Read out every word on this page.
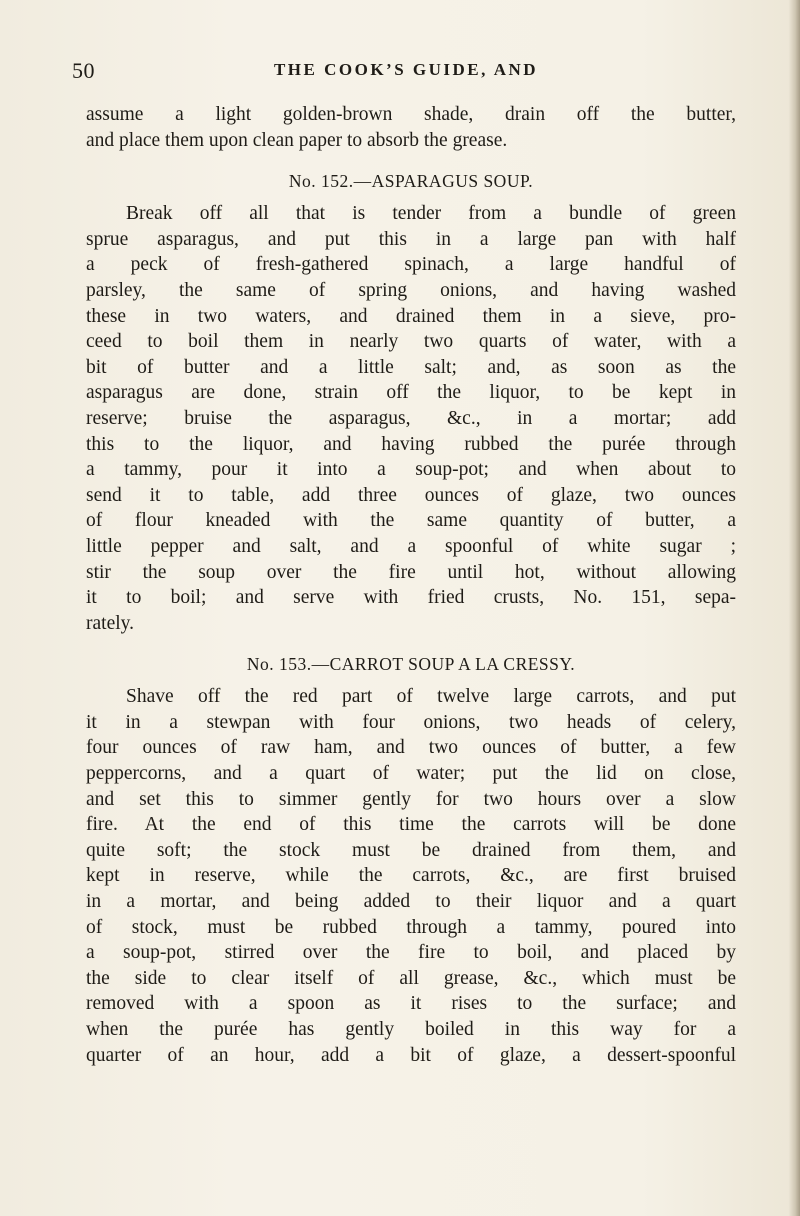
50	THE COOK’S GUIDE, AND
assume a light golden-brown shade, drain off the butter,
and place them upon clean paper to absorb the grease.
No. 152.—ASPARAGUS SOUP.
Break off all that is tender from a bundle of green
sprue asparagus, and put this in a large pan with half
a peck of fresh-gathered spinach, a large handful of
parsley, the same of spring onions, and having washed
these in two waters, and drained them in a sieve, pro-
ceed to boil them in nearly two quarts of water, with a
bit of butter and a little salt; and, as soon as the
asparagus are done, strain off the liquor, to be kept in
reserve; bruise the asparagus, &c., in a mortar; add
this to the liquor, and having rubbed the purée through
a tammy, pour it into a soup-pot; and when about to
send it to table, add three ounces of glaze, two ounces
of flour kneaded with the same quantity of butter, a
little pepper and salt, and a spoonful of white sugar ;
stir the soup over the fire until hot, without allowing
it to boil; and serve with fried crusts, No. 151, sepa-
rately.
No. 153.—CARROT SOUP A LA CRESSY.
Shave off the red part of twelve large carrots, and put
it in a stewpan with four onions, two heads of celery,
four ounces of raw ham, and two ounces of butter, a few
peppercorns, and a quart of water; put the lid on close,
and set this to simmer gently for two hours over a slow
fire. At the end of this time the carrots will be done
quite soft; the stock must be drained from them, and
kept in reserve, while the carrots, &c., are first bruised
in a mortar, and being added to their liquor and a quart
of stock, must be rubbed through a tammy, poured into
a soup-pot, stirred over the fire to boil, and placed by
the side to clear itself of all grease, &c., which must be
removed with a spoon as it rises to the surface; and
when the purée has gently boiled in this way for a
quarter of an hour, add a bit of glaze, a dessert-spoonful
